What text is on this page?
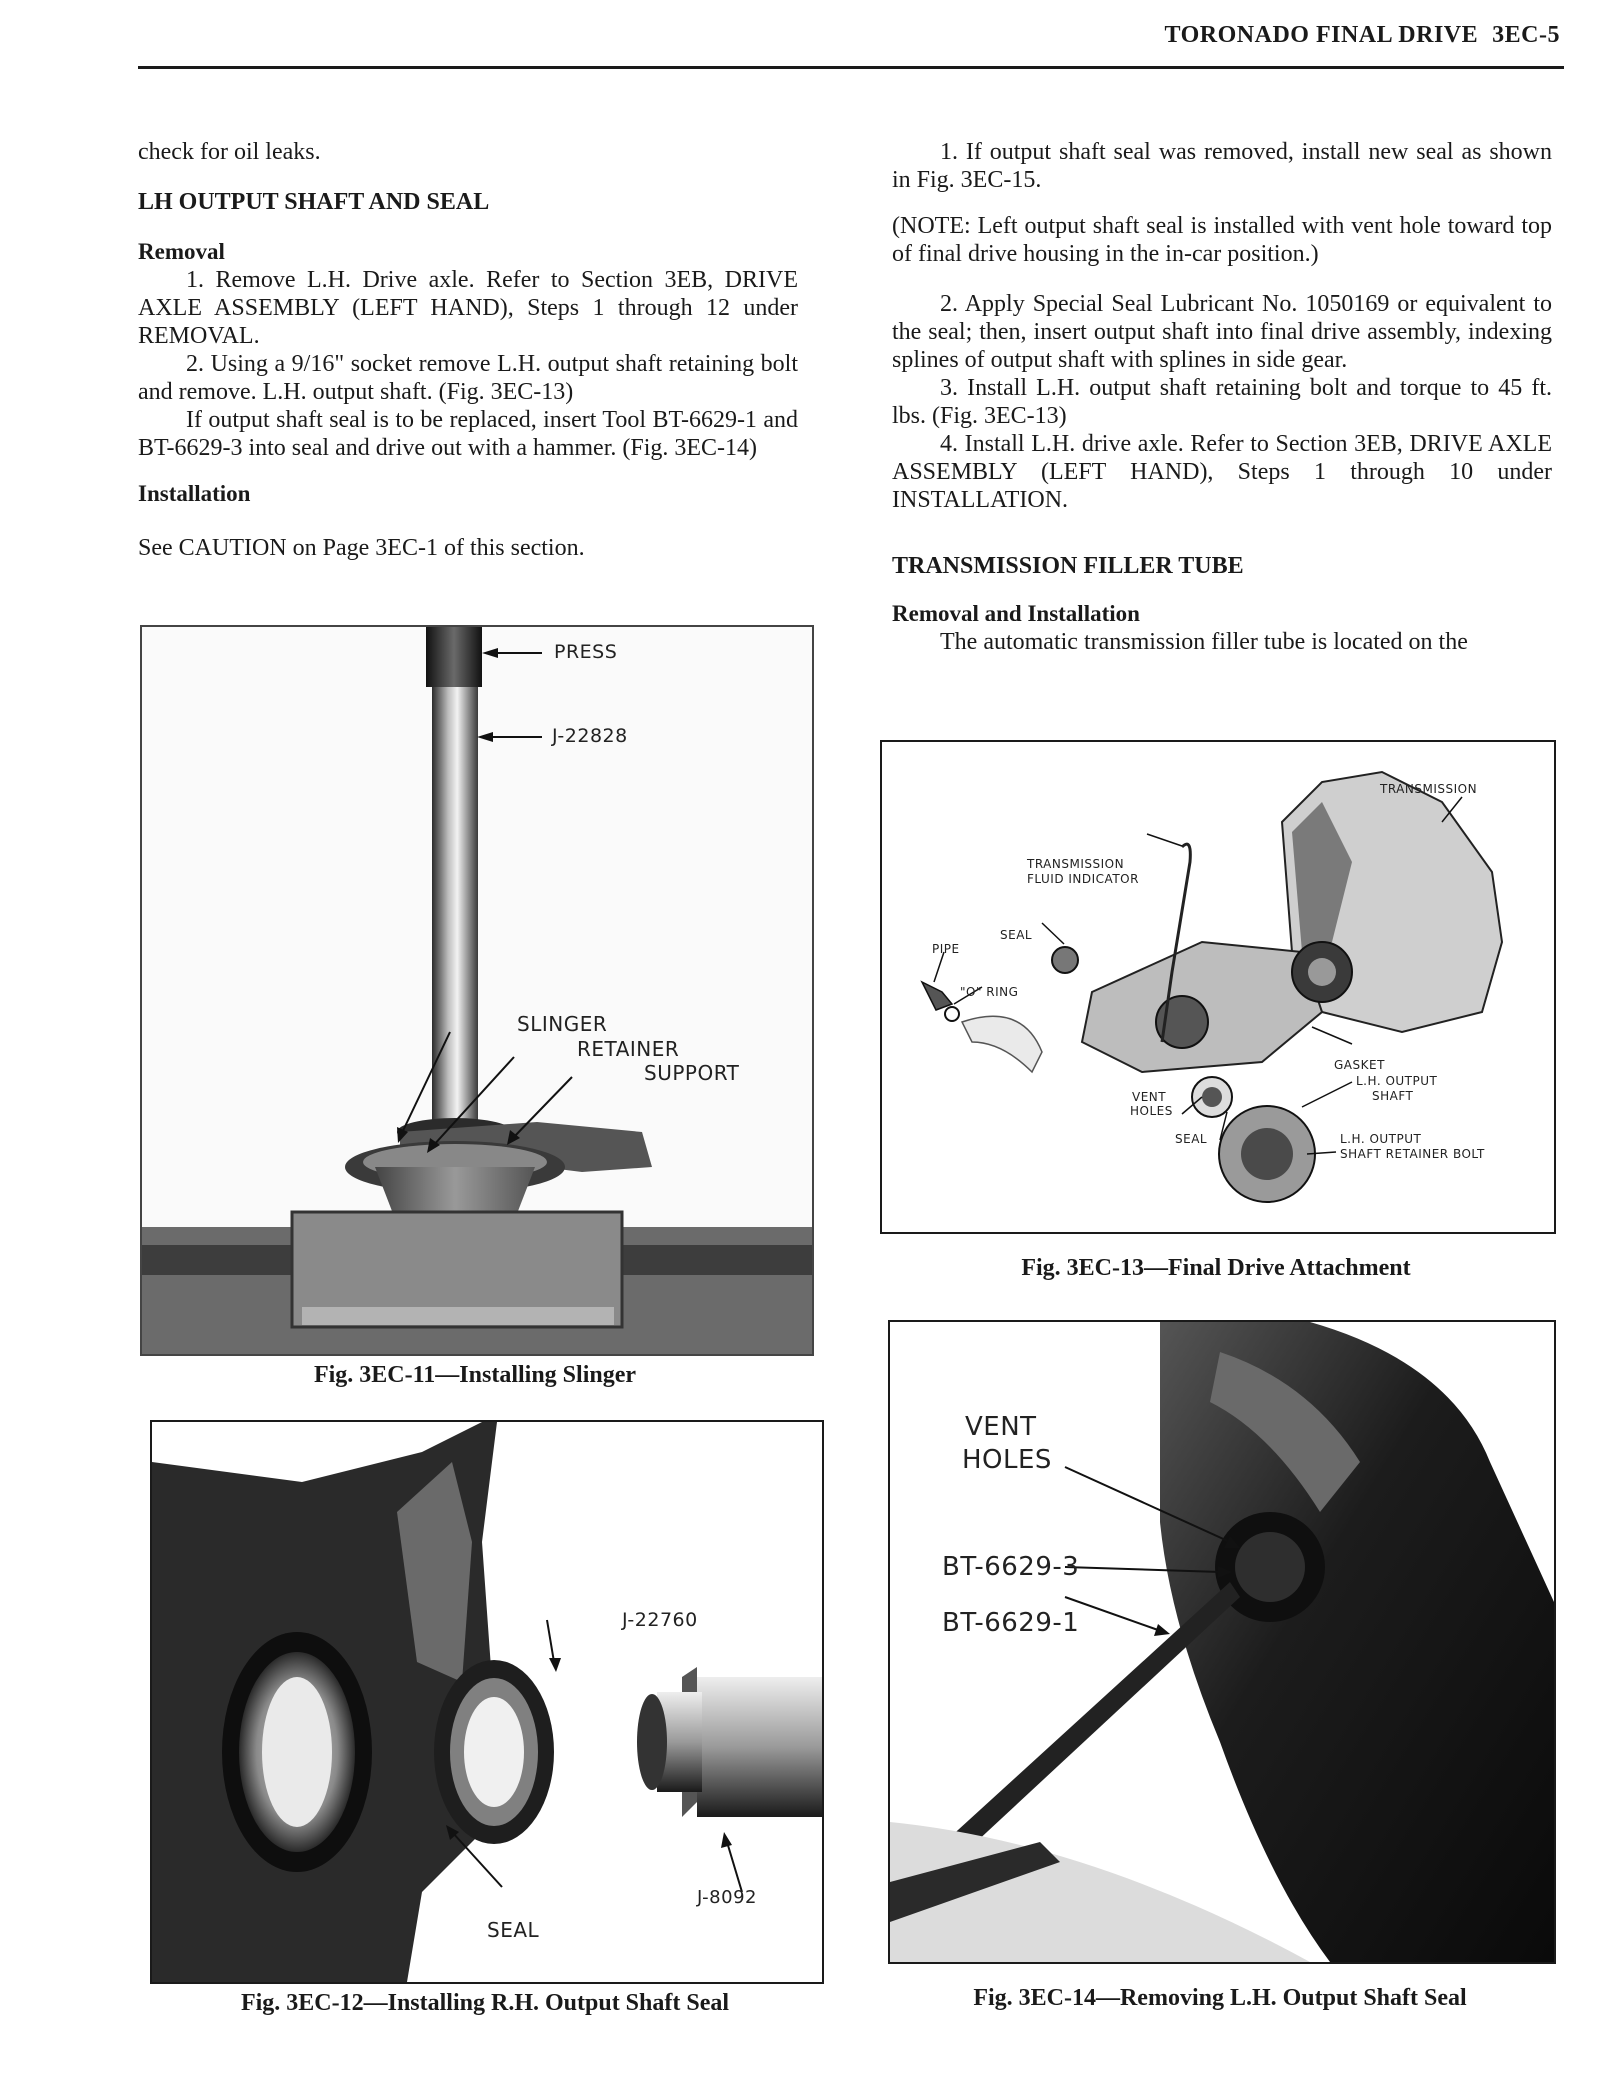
TORONADO FINAL DRIVE 3EC-5

check for oil leaks.

LH OUTPUT SHAFT AND SEAL
Removal

1. Remove L.H. Drive axle. Refer to Section 3EB, DRIVE AXLE ASSEMBLY (LEFT HAND), Steps 1 through 12 under REMOVAL.

2. Using a 9/16" socket remove L.H. output shaft retaining bolt and remove. L.H. output shaft. (Fig. 3EC-13)

If output shaft seal is to be replaced, insert Tool BT-6629-1 and BT-6629-3 into seal and drive out with a hammer. (Fig. 3EC-14)

Installation

See CAUTION on Page 3EC-1 of this section.

1. If output shaft seal was removed, install new seal as shown in Fig. 3EC-15.

(NOTE: Left output shaft seal is installed with vent hole toward top of final drive housing in the in-car position.)

2. Apply Special Seal Lubricant No. 1050169 or equivalent to the seal; then, insert output shaft into final drive assembly, indexing splines of output shaft with splines in side gear.

3. Install L.H. output shaft retaining bolt and torque to 45 ft. lbs. (Fig. 3EC-13)

4. Install L.H. drive axle. Refer to Section 3EB, DRIVE AXLE ASSEMBLY (LEFT HAND), Steps 1 through 10 under INSTALLATION.

TRANSMISSION FILLER TUBE
Removal and Installation

The automatic transmission filler tube is located on the

PRESS
J-22828
SLINGER
RETAINER
SUPPORT
Fig. 3EC-11—Installing Slinger
J-22760
SEAL
J-8092
Fig. 3EC-12—Installing R.H. Output Shaft Seal
TRANSMISSION
TRANSMISSION
FLUID INDICATOR
SEAL
PIPE
"O" RING
GASKET
L.H. OUTPUT
SHAFT
VENT
HOLES
SEAL	L.H. OUTPUT
SHAFT RETAINER BOLT
Fig. 3EC-13—Final Drive Attachment
VENT
HOLES
BT-6629-3
BT-6629-1
Fig. 3EC-14—Removing L.H. Output Shaft Seal
